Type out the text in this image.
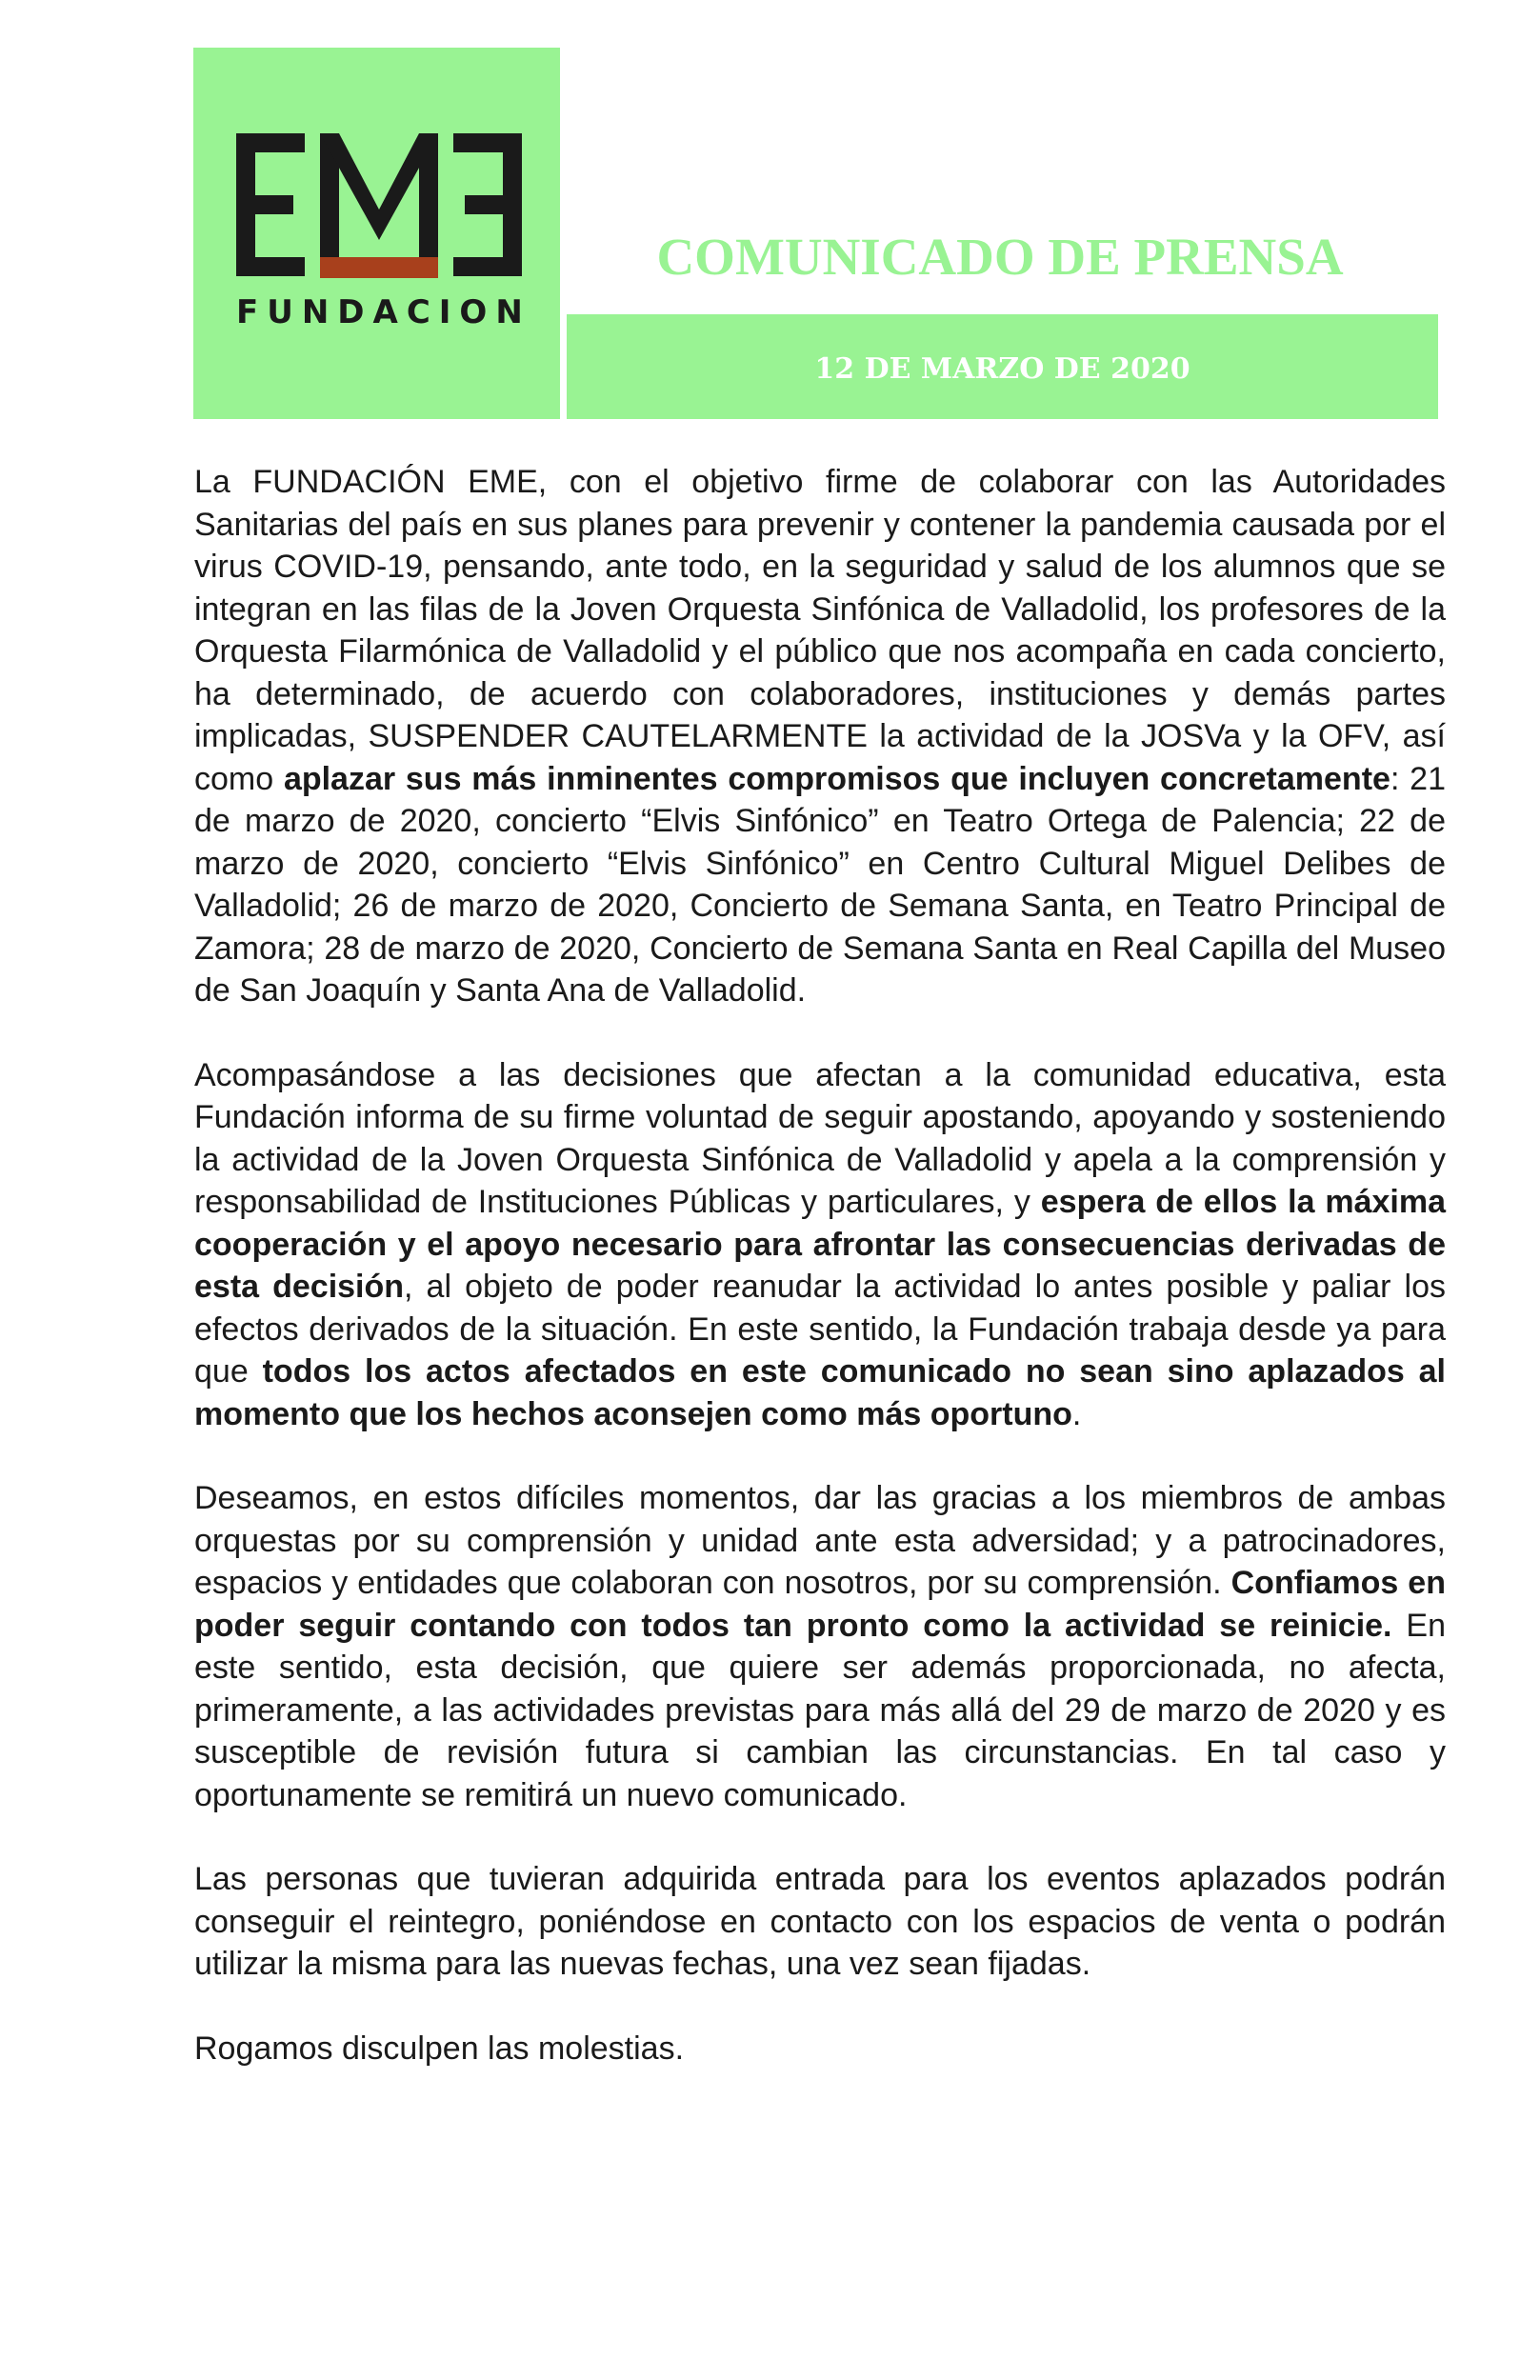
FUNDACION
COMUNICADO DE PRENSA
12 DE MARZO DE 2020

La FUNDACIÓN EME, con el objetivo firme de colaborar con las Autoridades Sanitarias del país en sus planes para prevenir y contener la pandemia causada por el virus COVID-19, pensando, ante todo, en la seguridad y salud de los alumnos que se integran en las filas de la Joven Orquesta Sinfónica de Valladolid, los profesores de la Orquesta Filarmónica de Valladolid y el público que nos acompaña en cada concierto, ha determinado, de acuerdo con colaboradores, instituciones y demás partes implicadas, SUSPENDER CAUTELARMENTE la actividad de la JOSVa y la OFV, así como aplazar sus más inminentes compromisos que incluyen concretamente: 21 de marzo de 2020, concierto “Elvis Sinfónico” en Teatro Ortega de Palencia; 22 de marzo de 2020, concierto “Elvis Sinfónico” en Centro Cultural Miguel Delibes de Valladolid; 26 de marzo de 2020, Concierto de Semana Santa, en Teatro Principal de Zamora; 28 de marzo de 2020, Concierto de Semana Santa en Real Capilla del Museo de San Joaquín y Santa Ana de Valladolid.

Acompasándose a las decisiones que afectan a la comunidad educativa, esta Fundación informa de su firme voluntad de seguir apostando, apoyando y sosteniendo la actividad de la Joven Orquesta Sinfónica de Valladolid y apela a la comprensión y responsabilidad de Instituciones Públicas y particulares, y espera de ellos la máxima cooperación y el apoyo necesario para afrontar las consecuencias derivadas de esta decisión, al objeto de poder reanudar la actividad lo antes posible y paliar los efectos derivados de la situación. En este sentido, la Fundación trabaja desde ya para que todos los actos afectados en este comunicado no sean sino aplazados al momento que los hechos aconsejen como más oportuno.

Deseamos, en estos difíciles momentos, dar las gracias a los miembros de ambas orquestas por su comprensión y unidad ante esta adversidad; y a patrocinadores, espacios y entidades que colaboran con nosotros, por su comprensión. Confiamos en poder seguir contando con todos tan pronto como la actividad se reinicie. En este sentido, esta decisión, que quiere ser además proporcionada, no afecta, primeramente, a las actividades previstas para más allá del 29 de marzo de 2020 y es susceptible de revisión futura si cambian las circunstancias. En tal caso y oportunamente se remitirá un nuevo comunicado.

Las personas que tuvieran adquirida entrada para los eventos aplazados podrán conseguir el reintegro, poniéndose en contacto con los espacios de venta o podrán utilizar la misma para las nuevas fechas, una vez sean fijadas.

Rogamos disculpen las molestias.
